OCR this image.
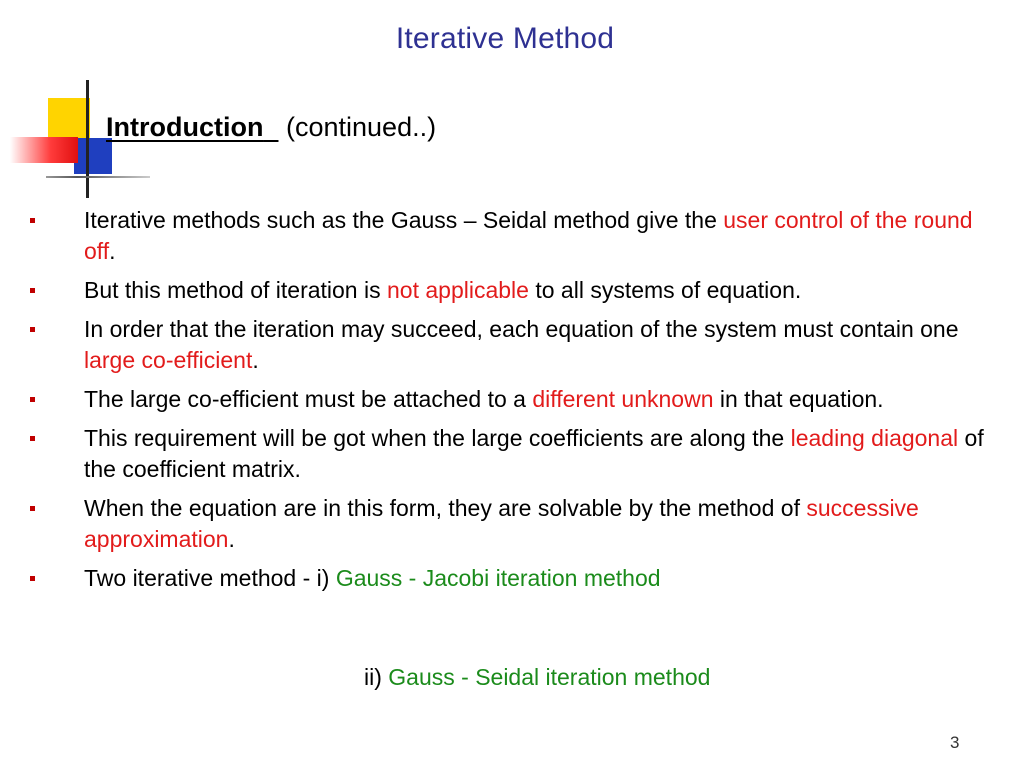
Iterative Method
Introduction (continued..)
Iterative methods such as the Gauss – Seidal method give the user control of the round off.
But this method of iteration is not applicable to all systems of equation.
In order that the iteration may succeed, each equation of the system must contain one large co-efficient.
The large co-efficient must be attached to a different unknown in that equation.
This requirement will be got when the large coefficients are along the leading diagonal of the coefficient matrix.
When the equation are in this form, they are solvable by the method of successive approximation.
Two iterative method - i) Gauss - Jacobi iteration method
ii) Gauss - Seidal iteration method
3
